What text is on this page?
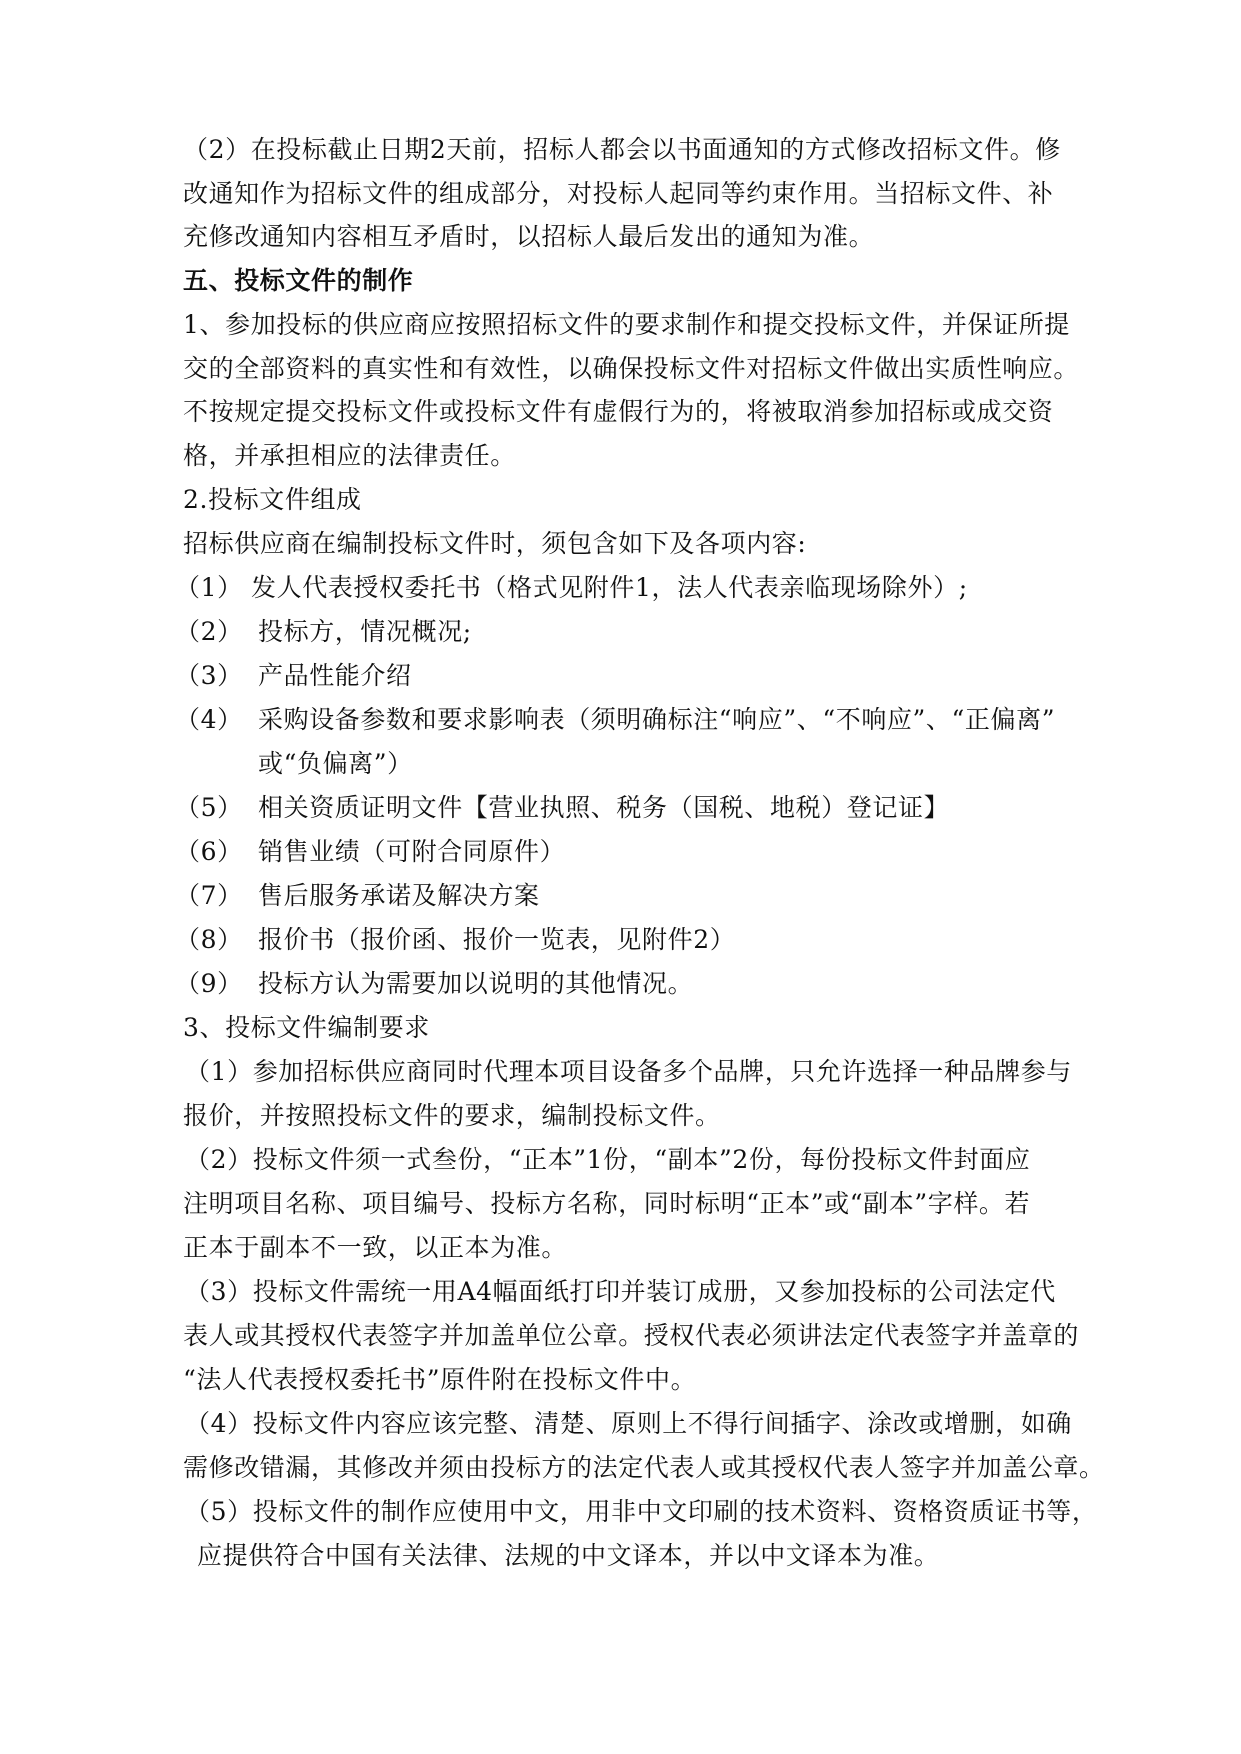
（2）在投标截止日期2天前，招标人都会以书面通知的方式修改招标文件。修
改通知作为招标文件的组成部分，对投标人起同等约束作用。当招标文件、补
充修改通知内容相互矛盾时，以招标人最后发出的通知为准。
五、投标文件的制作
1、参加投标的供应商应按照招标文件的要求制作和提交投标文件，并保证所提
交的全部资料的真实性和有效性，以确保投标文件对招标文件做出实质性响应。
不按规定提交投标文件或投标文件有虚假行为的，将被取消参加招标或成交资
格，并承担相应的法律责任。
2.投标文件组成
招标供应商在编制投标文件时，须包含如下及各项内容:
（1） 发人代表授权委托书（格式见附件1，法人代表亲临现场除外）;
（2） 投标方，情况概况;
（3） 产品性能介绍
（4） 采购设备参数和要求影响表（须明确标注“响应”、“不响应”、“正偏离”
或“负偏离”）
（5） 相关资质证明文件【营业执照、税务（国税、地税）登记证】
（6） 销售业绩（可附合同原件）
（7） 售后服务承诺及解决方案
（8） 报价书（报价函、报价一览表，见附件2）
（9） 投标方认为需要加以说明的其他情况。
3、投标文件编制要求
（1）参加招标供应商同时代理本项目设备多个品牌，只允许选择一种品牌参与
报价，并按照投标文件的要求，编制投标文件。
（2）投标文件须一式叁份，“正本”1份，“副本”2份，每份投标文件封面应
注明项目名称、项目编号、投标方名称，同时标明“正本”或“副本”字样。若
正本于副本不一致，以正本为准。
（3）投标文件需统一用A4幅面纸打印并装订成册，又参加投标的公司法定代
表人或其授权代表签字并加盖单位公章。授权代表必须讲法定代表签字并盖章的
“法人代表授权委托书”原件附在投标文件中。
（4）投标文件内容应该完整、清楚、原则上不得行间插字、涂改或增删，如确
需修改错漏，其修改并须由投标方的法定代表人或其授权代表人签字并加盖公章。
（5）投标文件的制作应使用中文，用非中文印刷的技术资料、资格资质证书等，
应提供符合中国有关法律、法规的中文译本，并以中文译本为准。
